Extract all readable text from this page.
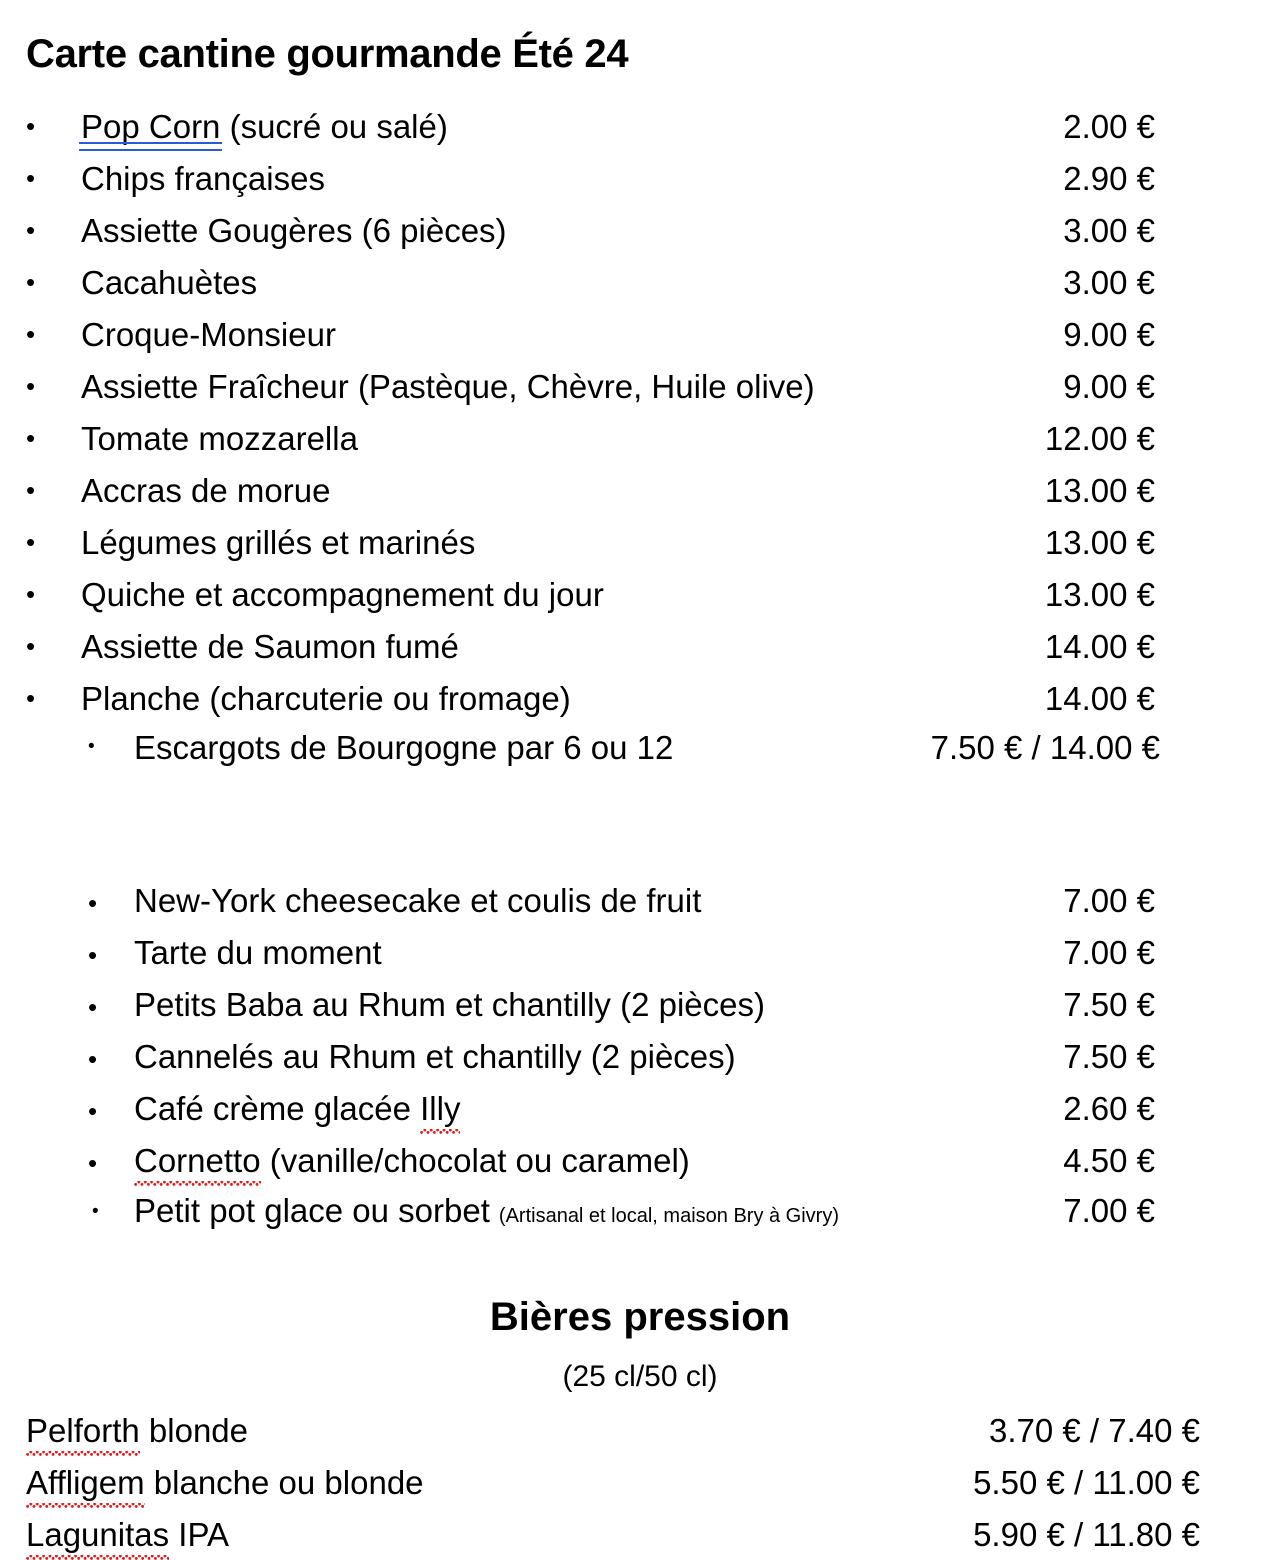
Carte cantine gourmande Été 24
• Pop Corn (sucré ou salé)	2.00 €
• Chips françaises	2.90 €
• Assiette Gougères (6 pièces)	3.00 €
• Cacahuètes	3.00 €
• Croque-Monsieur	9.00 €
• Assiette Fraîcheur (Pastèque, Chèvre, Huile olive)	9.00 €
• Tomate mozzarella	12.00 €
• Accras de morue	13.00 €
• Légumes grillés et marinés	13.00 €
• Quiche et accompagnement du jour	13.00 €
• Assiette de Saumon fumé	14.00 €
• Planche (charcuterie ou fromage)	14.00 €
• Escargots de Bourgogne par 6 ou 12	7.50 € / 14.00 €
• New-York cheesecake et coulis de fruit	7.00 €
• Tarte du moment	7.00 €
• Petits Baba au Rhum et chantilly (2 pièces)	7.50 €
• Cannelés au Rhum et chantilly (2 pièces)	7.50 €
• Café crème glacée Illy	2.60 €
• Cornetto (vanille/chocolat ou caramel)	4.50 €
• Petit pot glace ou sorbet (Artisanal et local, maison Bry à Givry)	7.00 €
Bières pression
(25 cl/50 cl)
Pelforth blonde	3.70 € / 7.40 €
Affligem blanche ou blonde	5.50 € / 11.00 €
Lagunitas IPA	5.90 € / 11.80 €
